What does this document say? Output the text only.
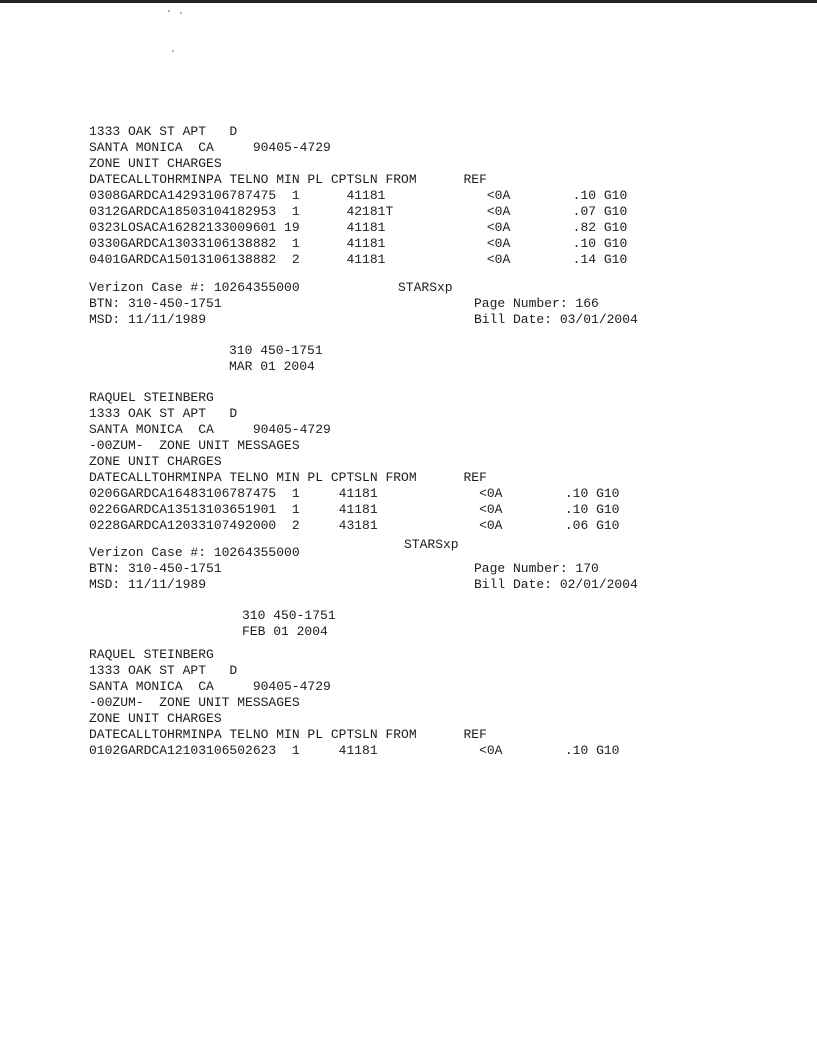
1333 OAK ST APT   D
SANTA MONICA  CA     90405-4729
ZONE UNIT CHARGES
DATECALLTOHRMINPA TELNO MIN PL CPTSLN FROM      REF
0308GARDCA14293106787475  1      41181             <0A        .10 G10
0312GARDCA18503104182953  1      42181T            <0A        .07 G10
0323LOSACA16282133009601 19      41181             <0A        .82 G10
0330GARDCA13033106138882  1      41181             <0A        .10 G10
0401GARDCA15013106138882  2      41181             <0A        .14 G10
Verizon Case #: 10264355000	STARSxp
BTN: 310-450-1751	Page Number: 166
MSD: 11/11/1989	Bill Date: 03/01/2004
310 450-1751
MAR 01 2004
RAQUEL STEINBERG
1333 OAK ST APT   D
SANTA MONICA  CA     90405-4729
-00ZUM-  ZONE UNIT MESSAGES
ZONE UNIT CHARGES
DATECALLTOHRMINPA TELNO MIN PL CPTSLN FROM      REF
0206GARDCA16483106787475  1     41181             <0A        .10 G10
0226GARDCA13513103651901  1     41181             <0A        .10 G10
0228GARDCA12033107492000  2     43181             <0A        .06 G10
Verizon Case #: 10264355000
STARSxp
BTN: 310-450-1751	Page Number: 170
MSD: 11/11/1989	Bill Date: 02/01/2004
310 450-1751
FEB 01 2004
RAQUEL STEINBERG
1333 OAK ST APT   D
SANTA MONICA  CA     90405-4729
-00ZUM-  ZONE UNIT MESSAGES
ZONE UNIT CHARGES
DATECALLTOHRMINPA TELNO MIN PL CPTSLN FROM      REF
0102GARDCA12103106502623  1     41181             <0A        .10 G10
